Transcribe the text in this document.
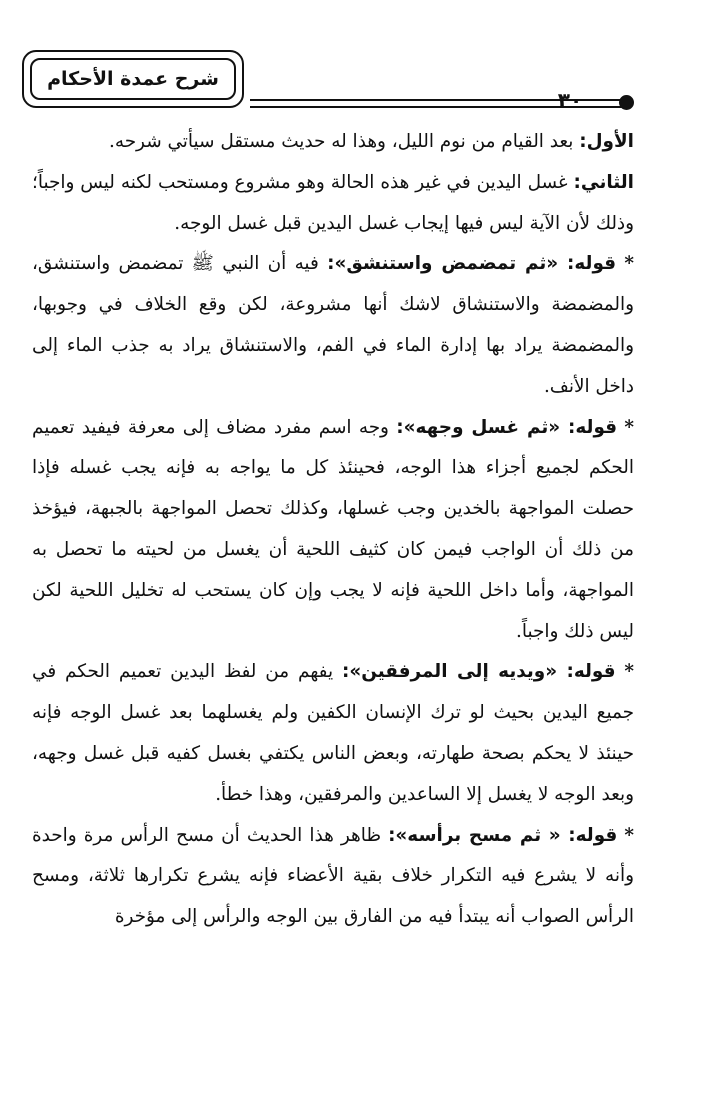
شرح عمدة الأحكام
٣٠

الأول: بعد القيام من نوم الليل، وهذا له حديث مستقل سيأتي شرحه.

الثاني: غسل اليدين في غير هذه الحالة وهو مشروع ومستحب لكنه ليس واجباً؛ وذلك لأن الآية ليس فيها إيجاب غسل اليدين قبل غسل الوجه.

* قوله: «ثم تمضمض واستنشق»: فيه أن النبي ﷺ تمضمض واستنشق، والمضمضة والاستنشاق لاشك أنها مشروعة، لكن وقع الخلاف في وجوبها، والمضمضة يراد بها إدارة الماء في الفم، والاستنشاق يراد به جذب الماء إلى داخل الأنف.

* قوله: «ثم غسل وجهه»: وجه اسم مفرد مضاف إلى معرفة فيفيد تعميم الحكم لجميع أجزاء هذا الوجه، فحينئذ كل ما يواجه به فإنه يجب غسله فإذا حصلت المواجهة بالخدين وجب غسلها، وكذلك تحصل المواجهة بالجبهة، فيؤخذ من ذلك أن الواجب فيمن كان كثيف اللحية أن يغسل من لحيته ما تحصل به المواجهة، وأما داخل اللحية فإنه لا يجب وإن كان يستحب له تخليل اللحية لكن ليس ذلك واجباً.

* قوله: «ويديه إلى المرفقين»: يفهم من لفظ اليدين تعميم الحكم في جميع اليدين بحيث لو ترك الإنسان الكفين ولم يغسلهما بعد غسل الوجه فإنه حينئذ لا يحكم بصحة طهارته، وبعض الناس يكتفي بغسل كفيه قبل غسل وجهه، وبعد الوجه لا يغسل إلا الساعدين والمرفقين، وهذا خطأ.

* قوله: « ثم مسح برأسه»: ظاهر هذا الحديث أن مسح الرأس مرة واحدة وأنه لا يشرع فيه التكرار خلاف بقية الأعضاء فإنه يشرع تكرارها ثلاثة، ومسح الرأس الصواب أنه يبتدأ فيه من الفارق بين الوجه والرأس إلى مؤخرة
